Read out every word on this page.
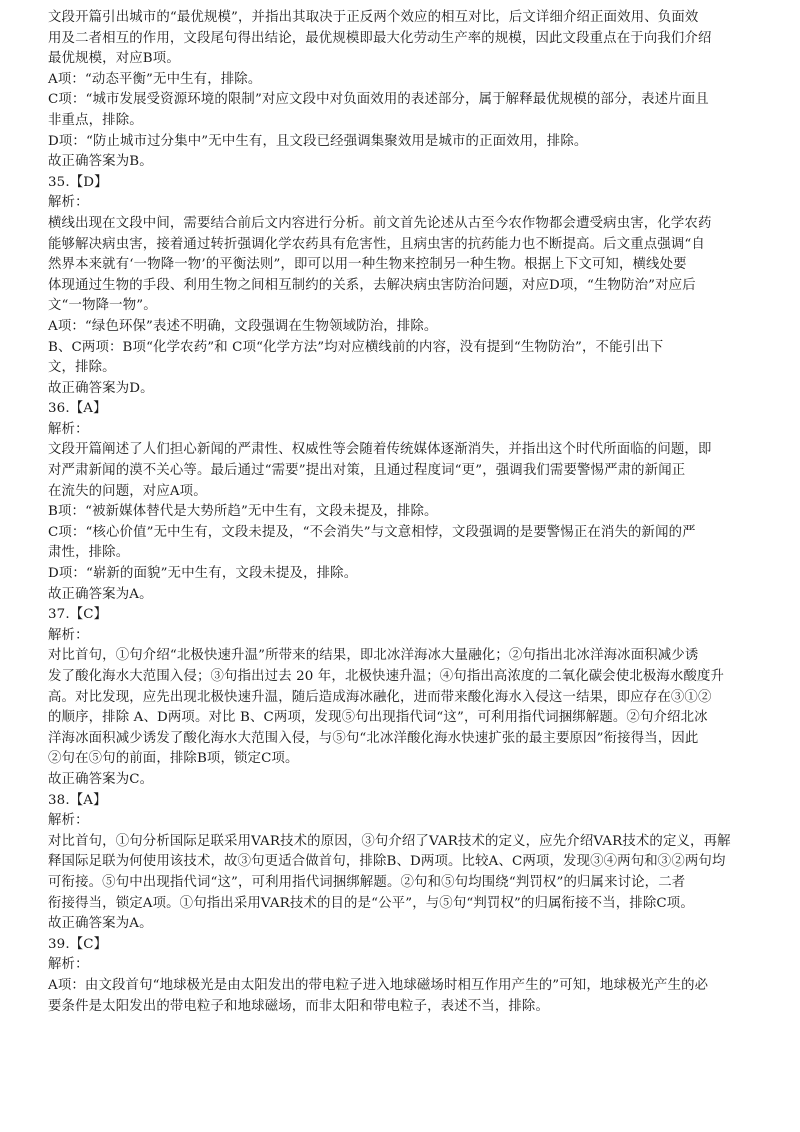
文段开篇引出城市的“最优规模”，并指出其取决于正反两个效应的相互对比，后文详细介绍正面效用、负面效
用及二者相互的作用，文段尾句得出结论，最优规模即最大化劳动生产率的规模，因此文段重点在于向我们介绍
最优规模，对应B项。
A项：“动态平衡”无中生有，排除。
C项：“城市发展受资源环境的限制”对应文段中对负面效用的表述部分，属于解释最优规模的部分，表述片面且
非重点，排除。
D项：“防止城市过分集中”无中生有，且文段已经强调集聚效用是城市的正面效用，排除。
故正确答案为B。
35.【D】
解析：
横线出现在文段中间，需要结合前后文内容进行分析。前文首先论述从古至今农作物都会遭受病虫害，化学农药
能够解决病虫害，接着通过转折强调化学农药具有危害性，且病虫害的抗药能力也不断提高。后文重点强调“自
然界本来就有‘一物降一物’的平衡法则”，即可以用一种生物来控制另一种生物。根据上下文可知，横线处要
体现通过生物的手段、利用生物之间相互制约的关系，去解决病虫害防治问题，对应D项，“生物防治”对应后
文“一物降一物”。
A项：“绿色环保”表述不明确，文段强调在生物领域防治，排除。
B、C两项：B项“化学农药”和 C项“化学方法”均对应横线前的内容，没有提到“生物防治”，不能引出下
文，排除。
故正确答案为D。
36.【A】
解析：
文段开篇阐述了人们担心新闻的严肃性、权威性等会随着传统媒体逐渐消失，并指出这个时代所面临的问题，即
对严肃新闻的漠不关心等。最后通过“需要”提出对策，且通过程度词“更”，强调我们需要警惕严肃的新闻正
在流失的问题，对应A项。
B项：“被新媒体替代是大势所趋”无中生有，文段未提及，排除。
C项：“核心价值”无中生有，文段未提及，“不会消失”与文意相悖，文段强调的是要警惕正在消失的新闻的严
肃性，排除。
D项：“崭新的面貌”无中生有，文段未提及，排除。
故正确答案为A。
37.【C】
解析：
对比首句，①句介绍“北极快速升温”所带来的结果，即北冰洋海冰大量融化；②句指出北冰洋海冰面积减少诱
发了酸化海水大范围入侵；③句指出过去 20 年，北极快速升温；④句指出高浓度的二氧化碳会使北极海水酸度升
高。对比发现，应先出现北极快速升温，随后造成海冰融化，进而带来酸化海水入侵这一结果，即应存在③①②
的顺序，排除 A、D两项。对比 B、C两项，发现⑤句出现指代词“这”，可利用指代词捆绑解题。②句介绍北冰
洋海冰面积减少诱发了酸化海水大范围入侵，与⑤句“北冰洋酸化海水快速扩张的最主要原因”衔接得当，因此
②句在⑤句的前面，排除B项，锁定C项。
故正确答案为C。
38.【A】
解析：
对比首句，①句分析国际足联采用VAR技术的原因，③句介绍了VAR技术的定义，应先介绍VAR技术的定义，再解
释国际足联为何使用该技术，故③句更适合做首句，排除B、D两项。比较A、C两项，发现③④两句和③②两句均
可衔接。⑤句中出现指代词“这”，可利用指代词捆绑解题。②句和⑤句均围绕“判罚权”的归属来讨论，二者
衔接得当，锁定A项。①句指出采用VAR技术的目的是“公平”，与⑤句“判罚权”的归属衔接不当，排除C项。
故正确答案为A。
39.【C】
解析：
A项：由文段首句“地球极光是由太阳发出的带电粒子进入地球磁场时相互作用产生的”可知，地球极光产生的必
要条件是太阳发出的带电粒子和地球磁场，而非太阳和带电粒子，表述不当，排除。
